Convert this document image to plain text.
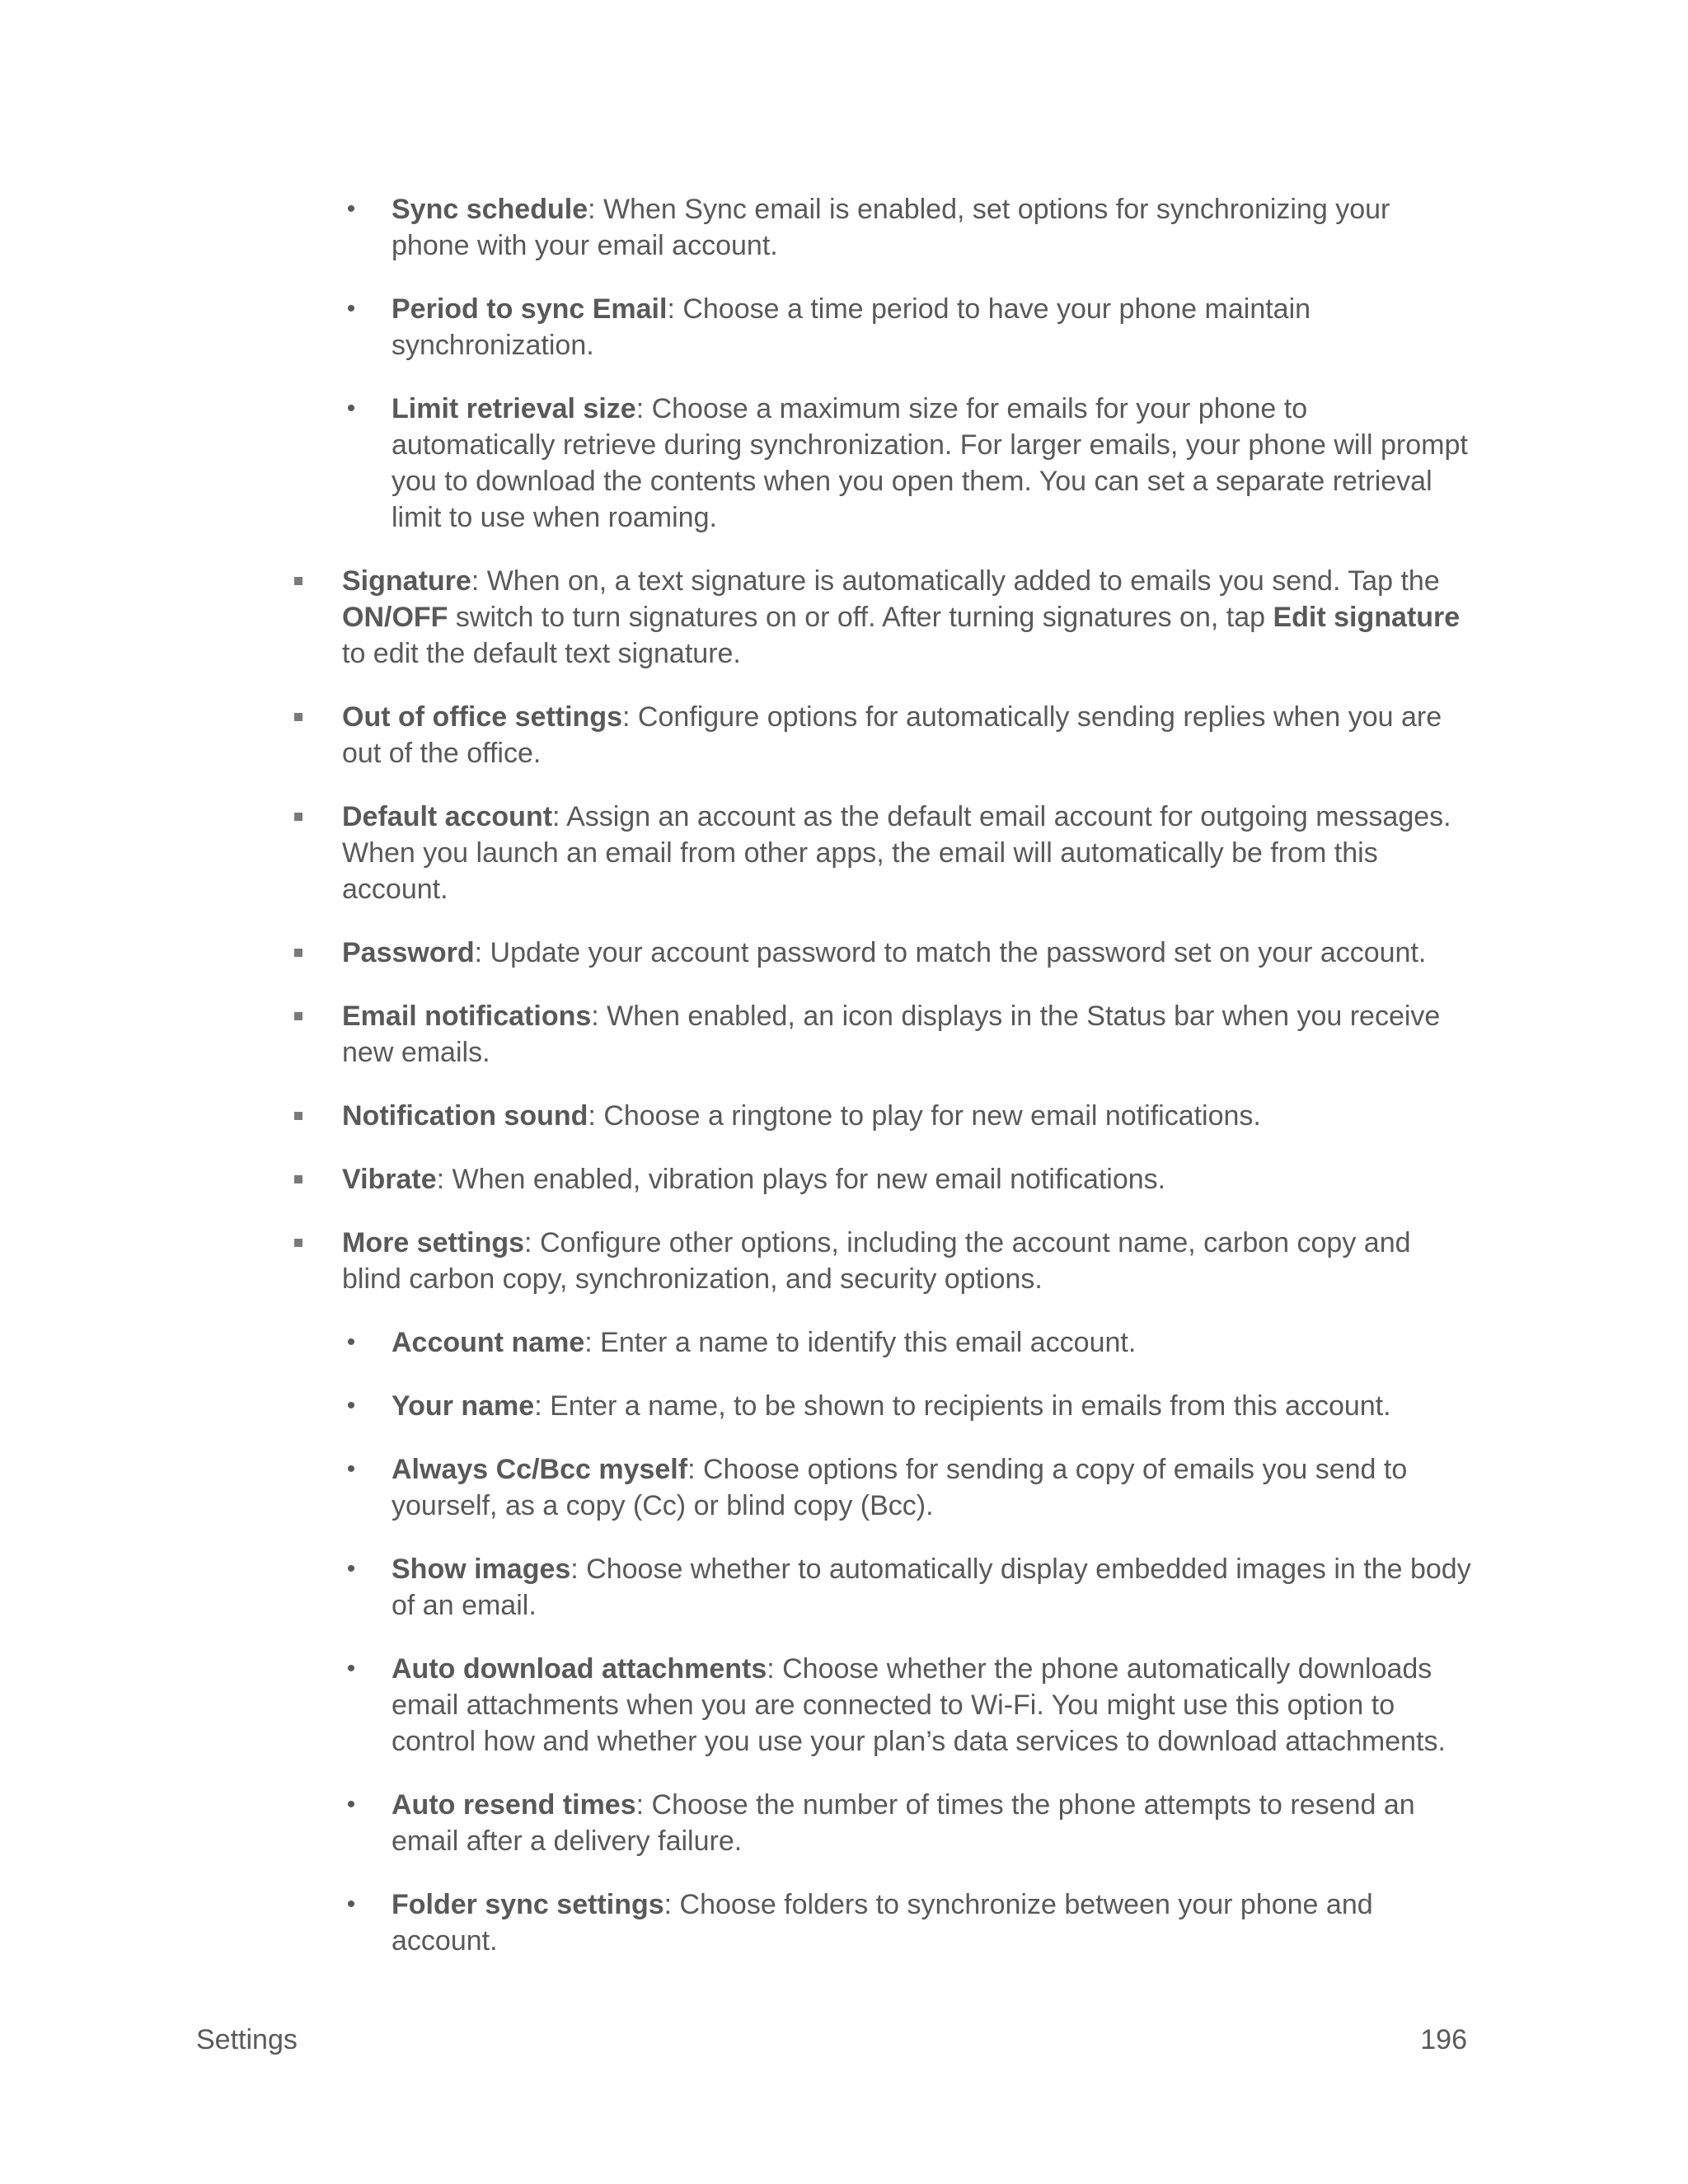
• Sync schedule: When Sync email is enabled, set options for synchronizing your phone with your email account.
• Period to sync Email: Choose a time period to have your phone maintain synchronization.
• Limit retrieval size: Choose a maximum size for emails for your phone to automatically retrieve during synchronization. For larger emails, your phone will prompt you to download the contents when you open them. You can set a separate retrieval limit to use when roaming.
Signature: When on, a text signature is automatically added to emails you send. Tap the ON/OFF switch to turn signatures on or off. After turning signatures on, tap Edit signature to edit the default text signature.
Out of office settings: Configure options for automatically sending replies when you are out of the office.
Default account: Assign an account as the default email account for outgoing messages. When you launch an email from other apps, the email will automatically be from this account.
Password: Update your account password to match the password set on your account.
Email notifications: When enabled, an icon displays in the Status bar when you receive new emails.
Notification sound: Choose a ringtone to play for new email notifications.
Vibrate: When enabled, vibration plays for new email notifications.
More settings: Configure other options, including the account name, carbon copy and blind carbon copy, synchronization, and security options.
• Account name: Enter a name to identify this email account.
• Your name: Enter a name, to be shown to recipients in emails from this account.
• Always Cc/Bcc myself: Choose options for sending a copy of emails you send to yourself, as a copy (Cc) or blind copy (Bcc).
• Show images: Choose whether to automatically display embedded images in the body of an email.
• Auto download attachments: Choose whether the phone automatically downloads email attachments when you are connected to Wi-Fi. You might use this option to control how and whether you use your plan’s data services to download attachments.
• Auto resend times: Choose the number of times the phone attempts to resend an email after a delivery failure.
• Folder sync settings: Choose folders to synchronize between your phone and account.
Settings	196
